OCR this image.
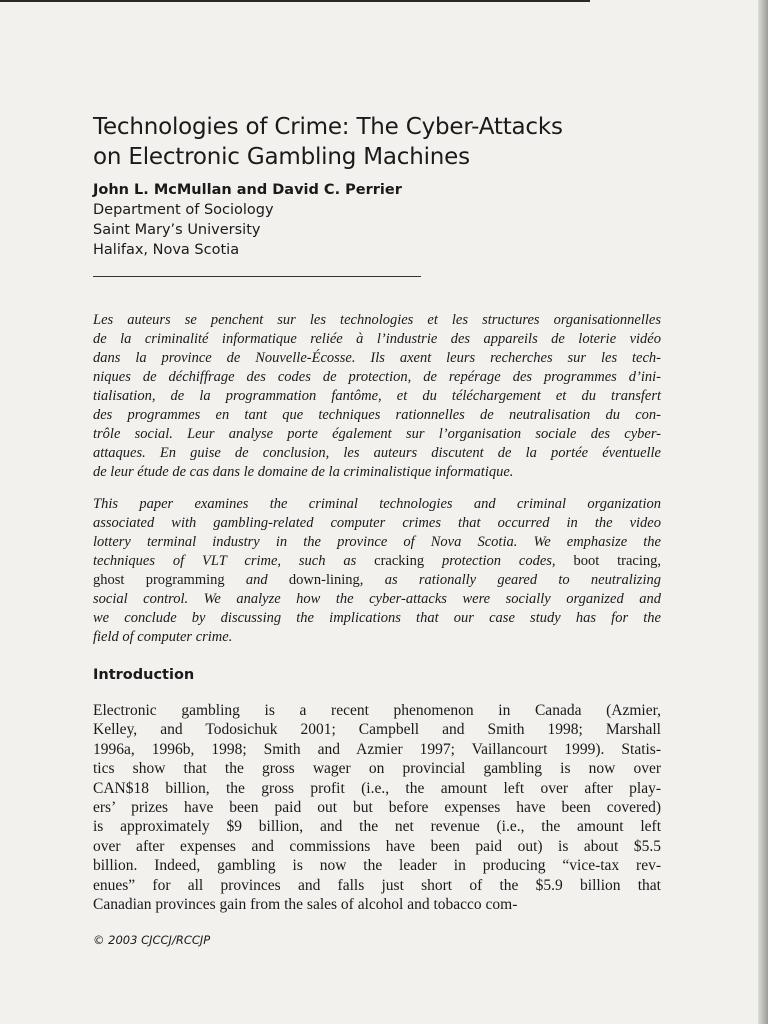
Technologies of Crime: The Cyber-Attacks
on Electronic Gambling Machines
John L. McMullan and David C. Perrier
Department of Sociology
Saint Mary’s University
Halifax, Nova Scotia

Les auteurs se penchent sur les technologies et les structures organisationnelles
de la criminalité informatique reliée à l’industrie des appareils de loterie vidéo
dans la province de Nouvelle-Écosse. Ils axent leurs recherches sur les tech-
niques de déchiffrage des codes de protection, de repérage des programmes d’ini-
tialisation, de la programmation fantôme, et du téléchargement et du transfert
des programmes en tant que techniques rationnelles de neutralisation du con-
trôle social. Leur analyse porte également sur l’organisation sociale des cyber-
attaques. En guise de conclusion, les auteurs discutent de la portée éventuelle
de leur étude de cas dans le domaine de la criminalistique informatique.

This paper examines the criminal technologies and criminal organization
associated with gambling-related computer crimes that occurred in the video
lottery terminal industry in the province of Nova Scotia. We emphasize the
techniques of VLT crime, such as cracking protection codes, boot tracing,
ghost programming and down-lining, as rationally geared to neutralizing
social control. We analyze how the cyber-attacks were socially organized and
we conclude by discussing the implications that our case study has for the
field of computer crime.

Introduction

Electronic gambling is a recent phenomenon in Canada (Azmier,
Kelley, and Todosichuk 2001; Campbell and Smith 1998; Marshall
1996a, 1996b, 1998; Smith and Azmier 1997; Vaillancourt 1999). Statis-
tics show that the gross wager on provincial gambling is now over
CAN$18 billion, the gross profit (i.e., the amount left over after play-
ers’ prizes have been paid out but before expenses have been covered)
is approximately $9 billion, and the net revenue (i.e., the amount left
over after expenses and commissions have been paid out) is about $5.5
billion. Indeed, gambling is now the leader in producing “vice-tax rev-
enues” for all provinces and falls just short of the $5.9 billion that
Canadian provinces gain from the sales of alcohol and tobacco com-

© 2003 CJCCJ/RCCJP
